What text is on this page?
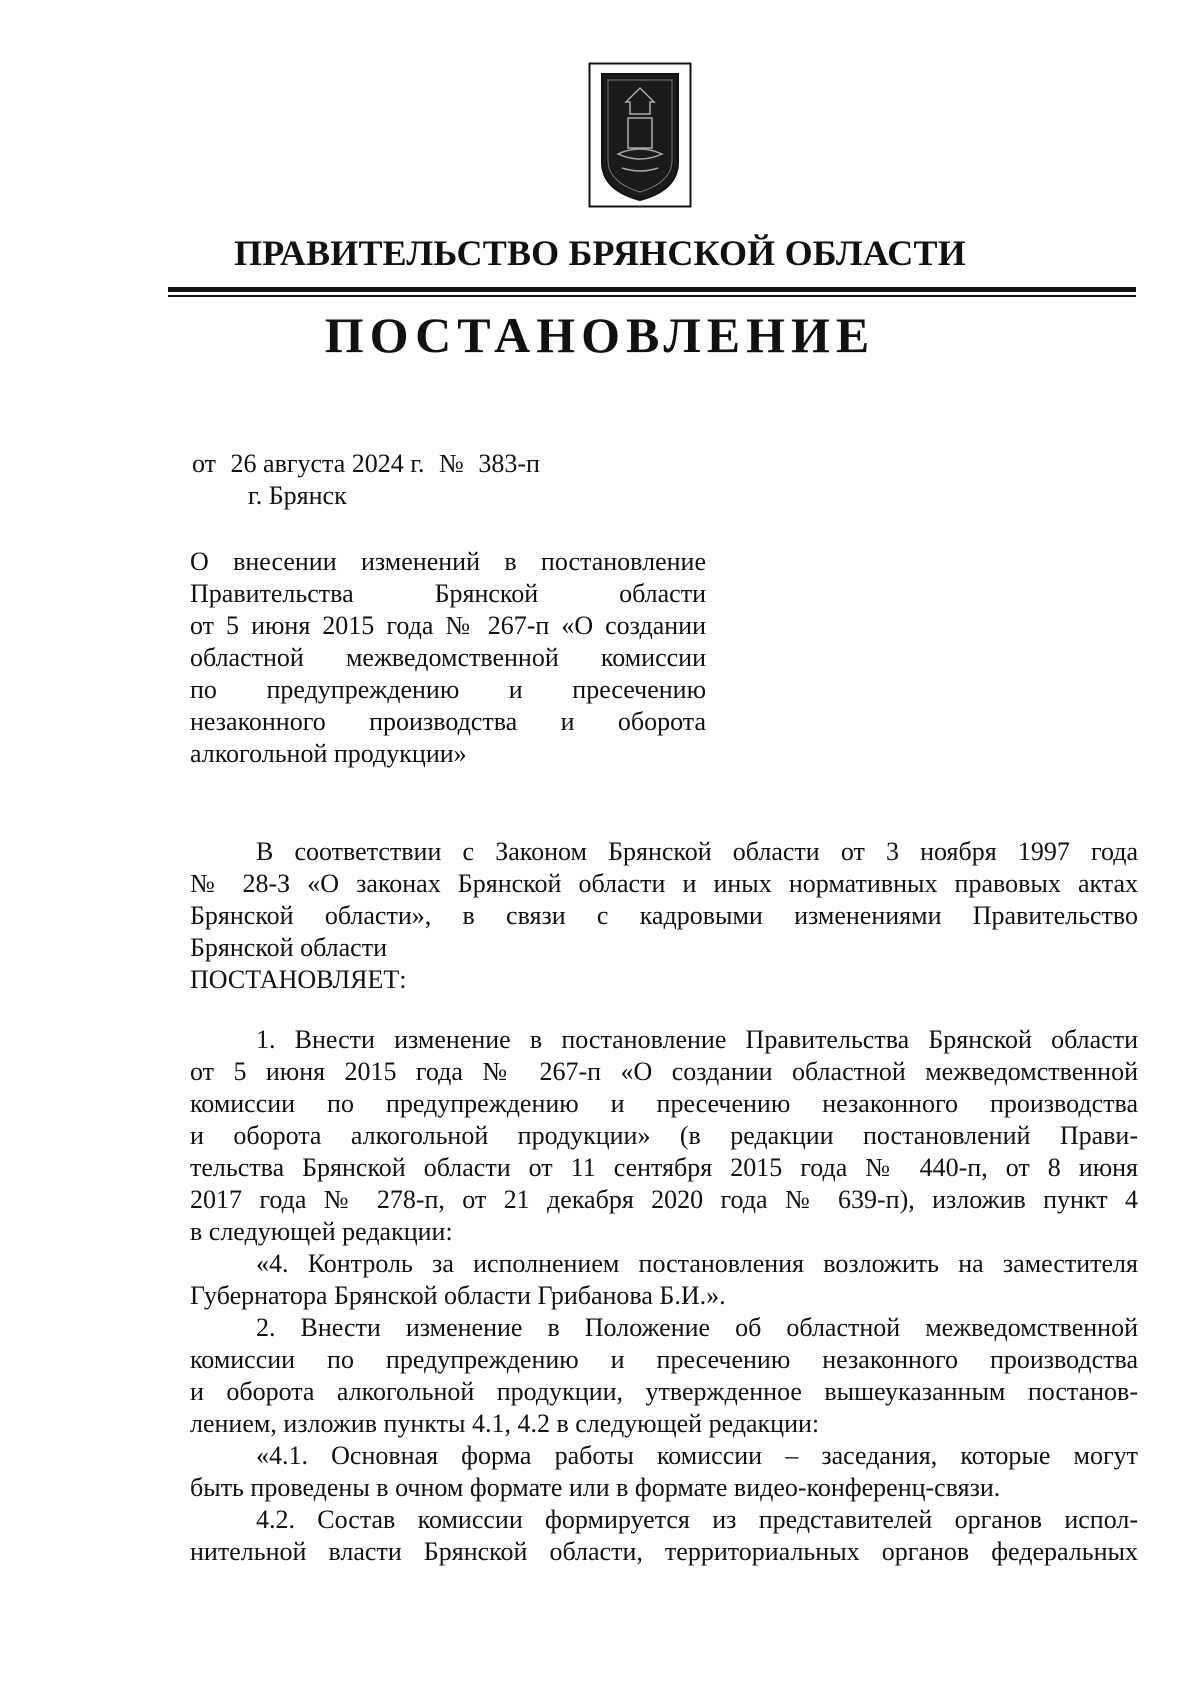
ПРАВИТЕЛЬСТВО БРЯНСКОЙ ОБЛАСТИ
ПОСТАНОВЛЕНИЕ
от 26 августа 2024 г. № 383-п
г. Брянск
О внесении изменений в постановление
Правительства Брянской области
от 5 июня 2015 года № 267-п «О создании
областной межведомственной комиссии
по предупреждению и пресечению
незаконного производства и оборота
алкогольной продукции»
В соответствии с Законом Брянской области от 3 ноября 1997 года
№ 28-З «О законах Брянской области и иных нормативных правовых актах
Брянской области», в связи с кадровыми изменениями Правительство
Брянской области
ПОСТАНОВЛЯЕТ:
1. Внести изменение в постановление Правительства Брянской области
от 5 июня 2015 года № 267-п «О создании областной межведомственной
комиссии по предупреждению и пресечению незаконного производства
и оборота алкогольной продукции» (в редакции постановлений Прави-
тельства Брянской области от 11 сентября 2015 года № 440-п, от 8 июня
2017 года № 278-п, от 21 декабря 2020 года № 639-п), изложив пункт 4
в следующей редакции:
«4. Контроль за исполнением постановления возложить на заместителя
Губернатора Брянской области Грибанова Б.И.».
2. Внести изменение в Положение об областной межведомственной
комиссии по предупреждению и пресечению незаконного производства
и оборота алкогольной продукции, утвержденное вышеуказанным постанов-
лением, изложив пункты 4.1, 4.2 в следующей редакции:
«4.1. Основная форма работы комиссии – заседания, которые могут
быть проведены в очном формате или в формате видео-конференц-связи.
4.2. Состав комиссии формируется из представителей органов испол-
нительной власти Брянской области, территориальных органов федеральных
